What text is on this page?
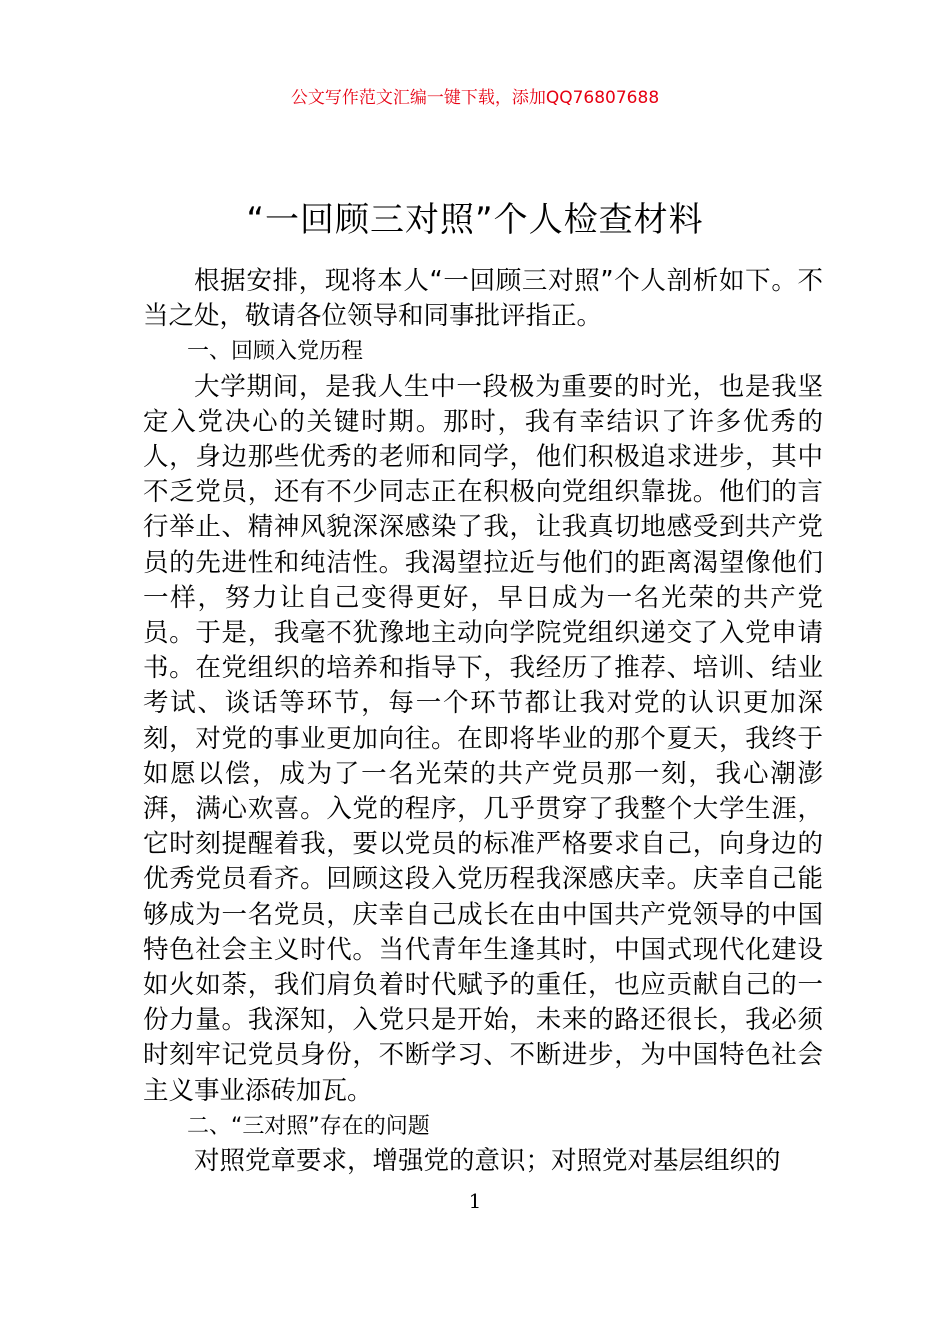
公文写作范文汇编一键下载，添加QQ76807688
“一回顾三对照”个人检查材料

根据安排，现将本人“一回顾三对照”个人剖析如下。不当之处，敬请各位领导和同事批评指正。

一、回顾入党历程

大学期间，是我人生中一段极为重要的时光，也是我坚定入党决心的关键时期。那时，我有幸结识了许多优秀的人，身边那些优秀的老师和同学，他们积极追求进步，其中不乏党员，还有不少同志正在积极向党组织靠拢。他们的言行举止、精神风貌深深感染了我，让我真切地感受到共产党员的先进性和纯洁性。我渴望拉近与他们的距离渴望像他们一样，努力让自己变得更好，早日成为一名光荣的共产党员。于是，我毫不犹豫地主动向学院党组织递交了入党申请书。在党组织的培养和指导下，我经历了推荐、培训、结业考试、谈话等环节，每一个环节都让我对党的认识更加深刻，对党的事业更加向往。在即将毕业的那个夏天，我终于如愿以偿，成为了一名光荣的共产党员那一刻，我心潮澎湃，满心欢喜。入党的程序，几乎贯穿了我整个大学生涯，它时刻提醒着我，要以党员的标准严格要求自己，向身边的优秀党员看齐。回顾这段入党历程我深感庆幸。庆幸自己能够成为一名党员，庆幸自己成长在由中国共产党领导的中国特色社会主义时代。当代青年生逢其时，中国式现代化建设如火如荼，我们肩负着时代赋予的重任，也应贡献自己的一份力量。我深知，入党只是开始，未来的路还很长，我必须时刻牢记党员身份，不断学习、不断进步，为中国特色社会主义事业添砖加瓦。

二、“三对照”存在的问题

对照党章要求，增强党的意识；对照党对基层组织的

1
